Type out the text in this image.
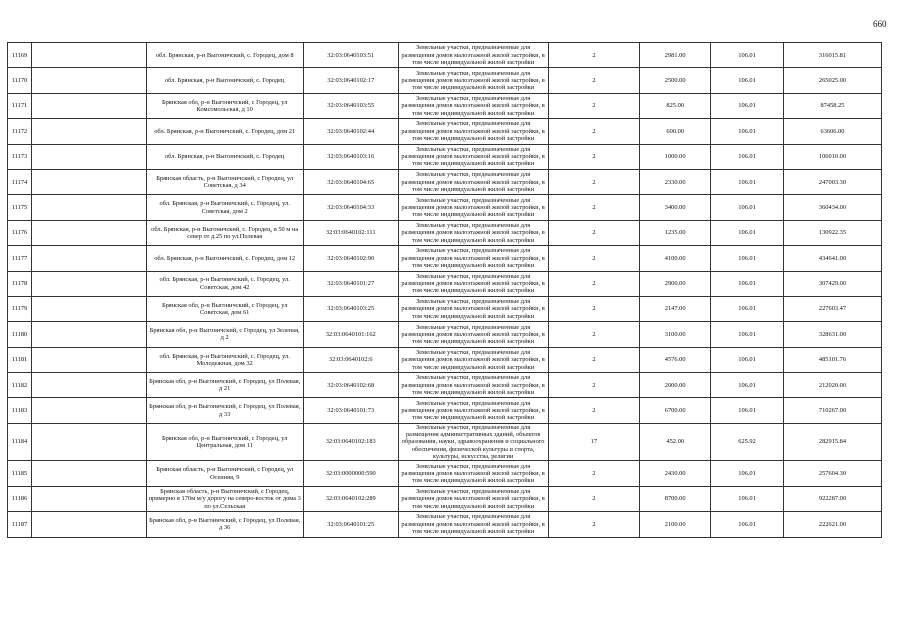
660
11169		обл. Брянская, р-н Выгоничский, с. Городец, дом 8	32:03:0640103:51	Земельные участки, предназначенные для размещения домов малоэтажной жилой застройки, в том числе индивидуальной жилой застройки	2	2981.00	106.01	316015.81
11170		обл. Брянская, р-н Выгоничский, с. Городец	32:03:0640102:17	Земельные участки, предназначенные для размещения домов малоэтажной жилой застройки, в том числе индивидуальной жилой застройки	2	2500.00	106.01	265025.00
11171		Брянская обл, р-н Выгоничский, с Городец, ул Комсомольская, д 10	32:03:0640103:55	Земельные участки, предназначенные для размещения домов малоэтажной жилой застройки, в том числе индивидуальной жилой застройки	2	825.00	106.01	87458.25
11172		обл. Брянская, р-н Выгоничский, с. Городец, дом 21	32:03:0640102:44	Земельные участки, предназначенные для размещения домов малоэтажной жилой застройки, в том числе индивидуальной жилой застройки	2	600.00	106.01	63606.00
11173		обл. Брянская, р-н Выгоничский, с. Городец	32:03:0640103:16	Земельные участки, предназначенные для размещения домов малоэтажной жилой застройки, в том числе индивидуальной жилой застройки	2	1000.00	106.01	106010.00
11174		Брянская область, р-н Выгоничский, с Городец, ул Советская, д 34	32:03:0640104:65	Земельные участки, предназначенные для размещения домов малоэтажной жилой застройки, в том числе индивидуальной жилой застройки	2	2330.00	106.01	247003.30
11175		обл. Брянская, р-н Выгоничский, с. Городец, ул. Советская, дом 2	32:03:0640104:33	Земельные участки, предназначенные для размещения домов малоэтажной жилой застройки, в том числе индивидуальной жилой застройки	2	3400.00	106.01	360434.00
11176		обл. Брянская, р-н Выгоничский, с. Городец, в 50 м на север от д.25 по ул.Полевая	32:03:0640102:111	Земельные участки, предназначенные для размещения домов малоэтажной жилой застройки, в том числе индивидуальной жилой застройки	2	1235.00	106.01	130922.35
11177		обл. Брянская, р-н Выгоничский, с. Городец, дом 12	32:03:0640102:90	Земельные участки, предназначенные для размещения домов малоэтажной жилой застройки, в том числе индивидуальной жилой застройки	2	4100.00	106.01	434641.00
11178		обл. Брянская, р-н Выгоничский, с. Городец, ул. Советская, дом 42	32:03:0640101:27	Земельные участки, предназначенные для размещения домов малоэтажной жилой застройки, в том числе индивидуальной жилой застройки	2	2900.00	106.01	307429.00
11179		Брянская обл, р-н Выгоничский, с Городец, ул Советская, дом 61	32:03:0640103:25	Земельные участки, предназначенные для размещения домов малоэтажной жилой застройки, в том числе индивидуальной жилой застройки	2	2147.00	106.01	227603.47
11180		Брянская обл, р-н Выгоничский, с Городец, ул Зеленая, д 2	32:03:0640101:162	Земельные участки, предназначенные для размещения домов малоэтажной жилой застройки, в том числе индивидуальной жилой застройки	2	3100.00	106.01	328631.00
11181		обл. Брянская, р-н Выгоничский, с. Городец, ул. Молодежная, дом 32	32:03:0640102:6	Земельные участки, предназначенные для размещения домов малоэтажной жилой застройки, в том числе индивидуальной жилой застройки	2	4576.00	106.01	485101.76
11182		Брянская обл, р-н Выгоничский, с Городец, ул Полевая, д 21	32:03:0640102:68	Земельные участки, предназначенные для размещения домов малоэтажной жилой застройки, в том числе индивидуальной жилой застройки	2	2000.00	106.01	212020.00
11183		Брянская обл, р-н Выгоничский, с Городец, ул Полевая, д 33	32:03:0640101:73	Земельные участки, предназначенные для размещения домов малоэтажной жилой застройки, в том числе индивидуальной жилой застройки	2	6700.00	106.01	710267.00
11184		Брянская обл, р-н Выгоничский, с Городец, ул Центральная, дом 11	32:03:0640102:183	Земельные участки, предназначенные для размещения административных зданий, объектов образования, науки, здравоохранения и социального обеспечения, физической культуры и спорта, культуры, искусства, религии	17	452.00	625.92	282915.84
11185		Брянская область, р-н Выгоничский, с Городец, ул Осенняя, 9	32:03:0000000:590	Земельные участки, предназначенные для размещения домов малоэтажной жилой застройки, в том числе индивидуальной жилой застройки	2	2430.00	106.01	257604.30
11186		Брянская область, р-н Выгоничский, с Городец, примерно в 170м м/у дорогу на северо-восток от дома 3 по ул.Сельская	32:03:0640102:289	Земельные участки, предназначенные для размещения домов малоэтажной жилой застройки, в том числе индивидуальной жилой застройки	2	8700.00	106.01	922287.00
11187		Брянская обл, р-н Выгоничский, с Городец, ул Полевая, д 36	32:03:0640101:25	Земельные участки, предназначенные для размещения домов малоэтажной жилой застройки, в том числе индивидуальной жилой застройки	2	2100.00	106.01	222621.00
